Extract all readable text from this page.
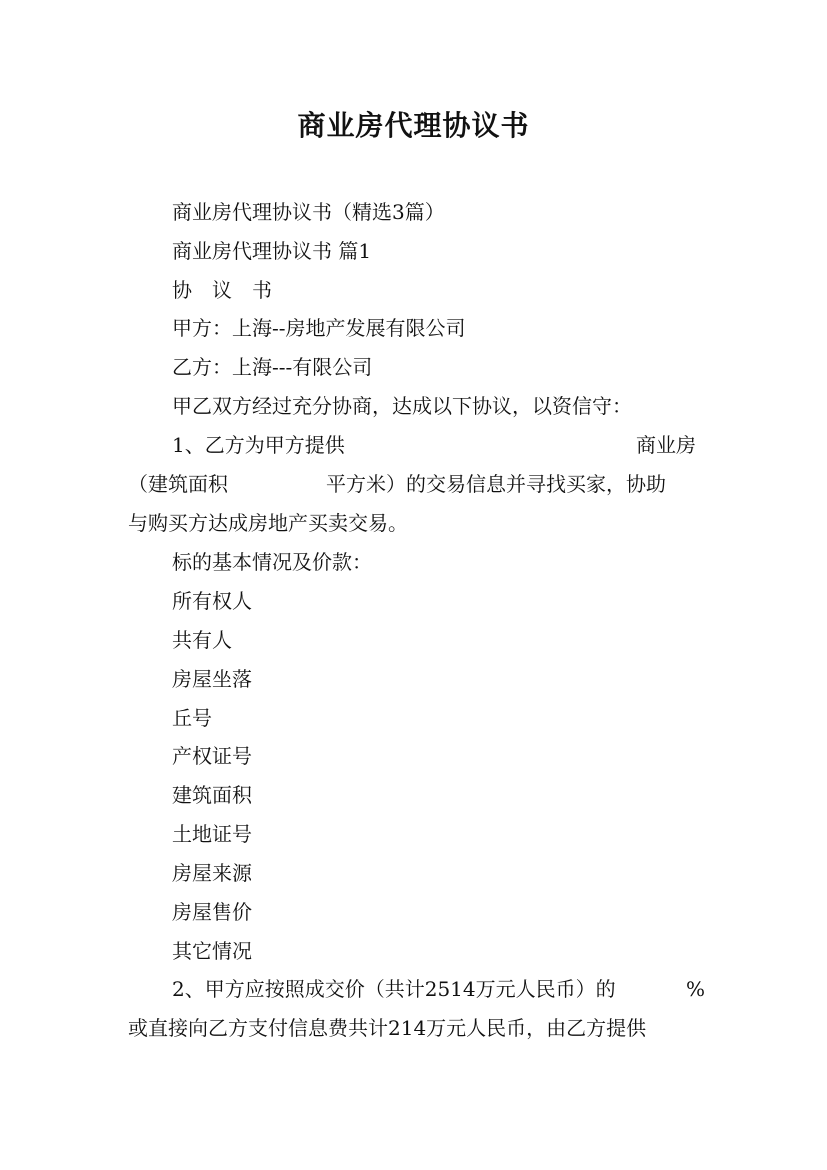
商业房代理协议书
商业房代理协议书（精选3篇）
商业房代理协议书 篇1
协　议　书
甲方：上海--房地产发展有限公司
乙方：上海---有限公司
甲乙双方经过充分协商，达成以下协议，以资信守：
1、乙方为甲方提供	商业房
（建筑面积	平方米）的交易信息并寻找买家，协助
与购买方达成房地产买卖交易。
标的基本情况及价款：
所有权人
共有人
房屋坐落
丘号
产权证号
建筑面积
土地证号
房屋来源
房屋售价
其它情况
2、甲方应按照成交价（共计2514万元人民币）的	%
或直接向乙方支付信息费共计214万元人民币，由乙方提供
